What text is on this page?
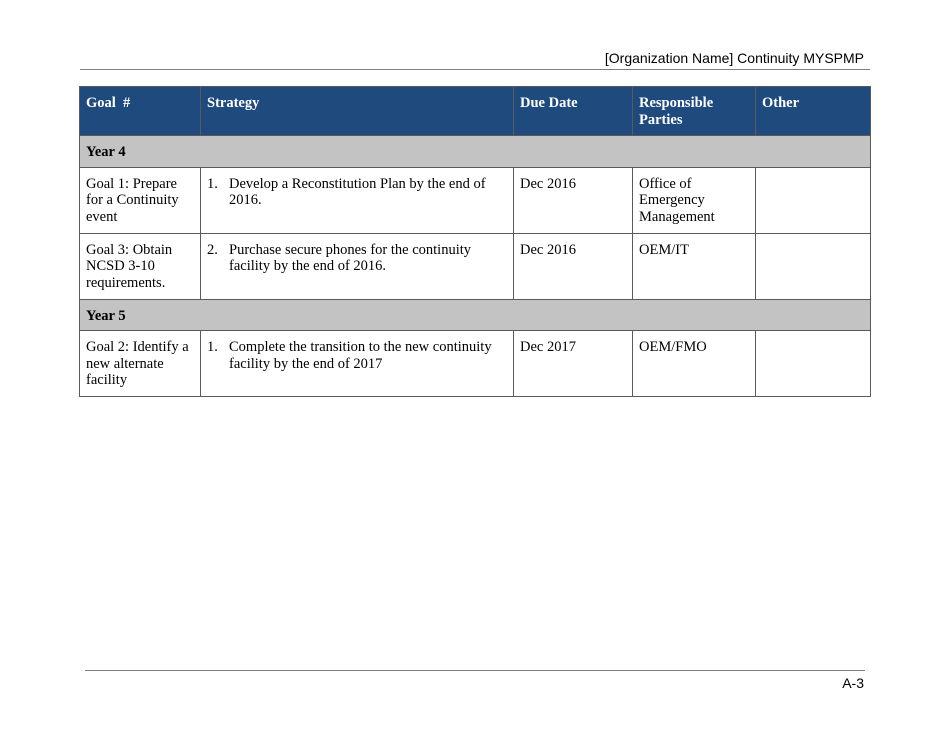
[Organization Name] Continuity MYSPMP
Goal  #	Strategy	Due Date	Responsible Parties	Other
Year 4				
Goal 1: Prepare for a Continuity event	1. Develop a Reconstitution Plan by the end of 2016.	Dec 2016	Office of Emergency Management	
Goal 3: Obtain NCSD 3-10 requirements.	2. Purchase secure phones for the continuity facility by the end of 2016.	Dec 2016	OEM/IT	
Year 5				
Goal 2: Identify a new alternate facility	1. Complete the transition to the new continuity facility by the end of 2017	Dec 2017	OEM/FMO	
A-3
